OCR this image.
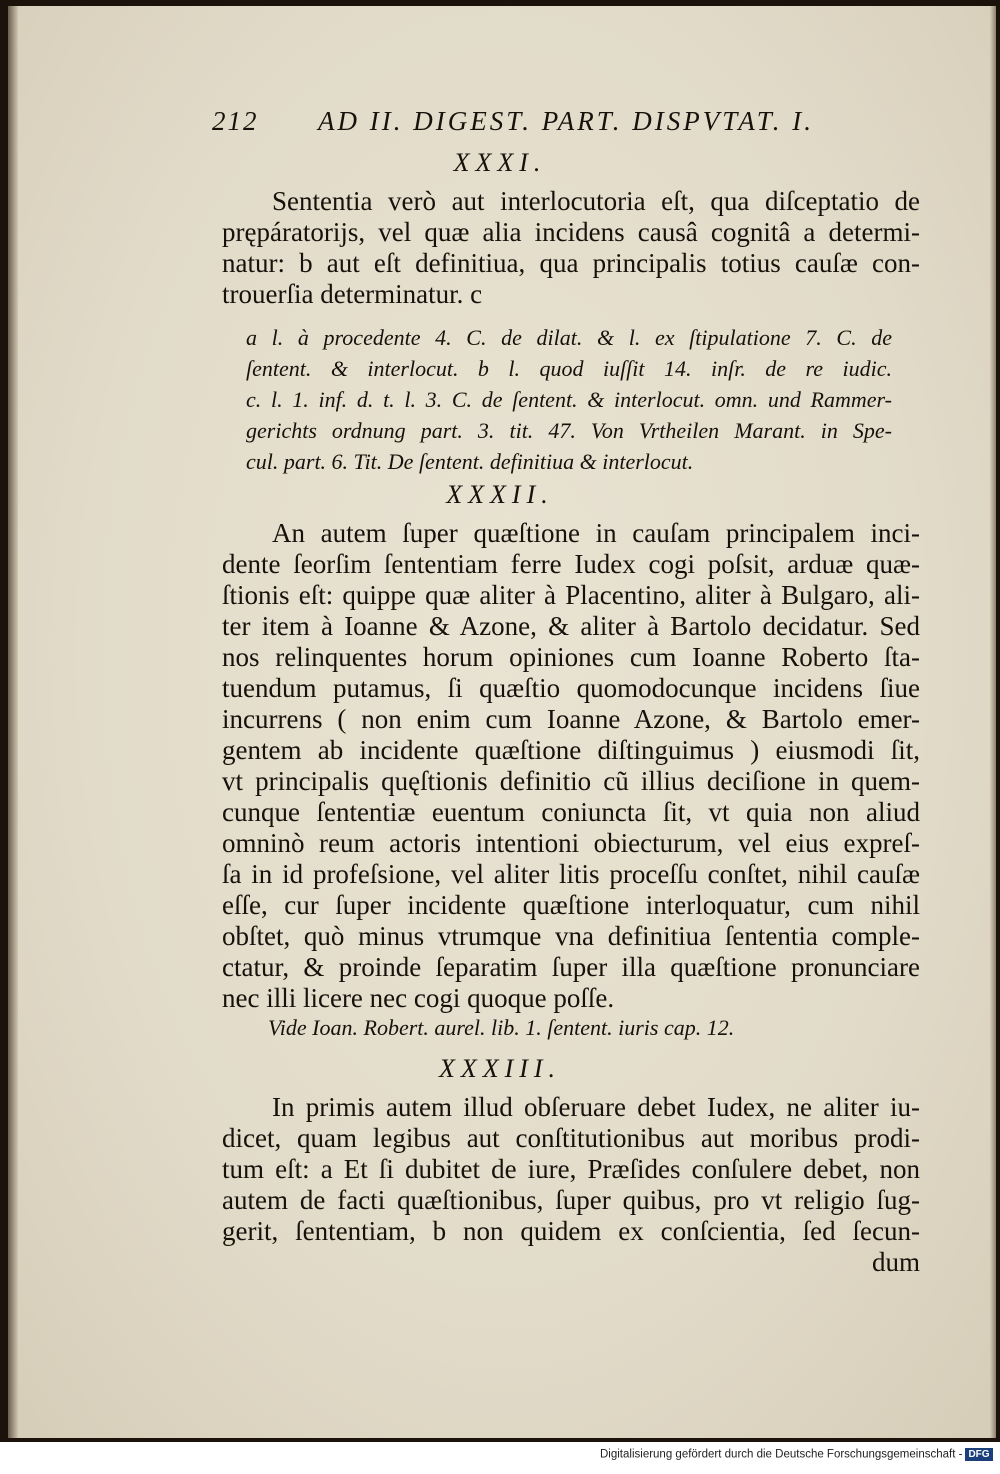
212 AD II. DIGEST. PART. DISPVTAT. I.
XXXI.
Sententia verò aut interlocutoria eſt, qua diſceptatio de
prępáratorijs, vel quæ alia incidens causâ cognitâ a determi-
natur: b aut eſt definitiua, qua principalis totius cauſæ con-
trouerſia determinatur. c
a l. à procedente 4. C. de dilat. & l. ex ſtipulatione 7. C. de
ſentent. & interlocut. b l. quod iuſſit 14. inſr. de re iudic.
c. l. 1. inf. d. t. l. 3. C. de ſentent. & interlocut. omn. und Rammer-
gerichts ordnung part. 3. tit. 47. Von Vrtheilen Marant. in Spe-
cul. part. 6. Tit. De ſentent. definitiua & interlocut.
XXXII.
An autem ſuper quæſtione in cauſam principalem inci-
dente ſeorſim ſententiam ferre Iudex cogi poſsit, arduæ quæ-
ſtionis eſt: quippe quæ aliter à Placentino, aliter à Bulgaro, ali-
ter item à Ioanne & Azone, & aliter à Bartolo decidatur. Sed
nos relinquentes horum opiniones cum Ioanne Roberto ſta-
tuendum putamus, ſi quæſtio quomodocunque incidens ſiue
incurrens ( non enim cum Ioanne Azone, & Bartolo emer-
gentem ab incidente quæſtione diſtinguimus ) eiusmodi ſit,
vt principalis quęſtionis definitio cũ illius deciſione in quem-
cunque ſententiæ euentum coniuncta ſit, vt quia non aliud
omninò reum actoris intentioni obiecturum, vel eius expreſ-
ſa in id profeſsione, vel aliter litis proceſſu conſtet, nihil cauſæ
eſſe, cur ſuper incidente quæſtione interloquatur, cum nihil
obſtet, quò minus vtrumque vna definitiua ſententia comple-
ctatur, & proinde ſeparatim ſuper illa quæſtione pronunciare
nec illi licere nec cogi quoque poſſe.
Vide Ioan. Robert. aurel. lib. 1. ſentent. iuris cap. 12.
XXXIII.
In primis autem illud obſeruare debet Iudex, ne aliter iu-
dicet, quam legibus aut conſtitutionibus aut moribus prodi-
tum eſt: a Et ſi dubitet de iure, Præſides conſulere debet, non
autem de facti quæſtionibus, ſuper quibus, pro vt religio ſug-
gerit, ſententiam, b non quidem ex conſcientia, ſed ſecun-
dum
Digitalisierung gefördert durch die Deutsche Forschungsgemeinschaft - DFG
